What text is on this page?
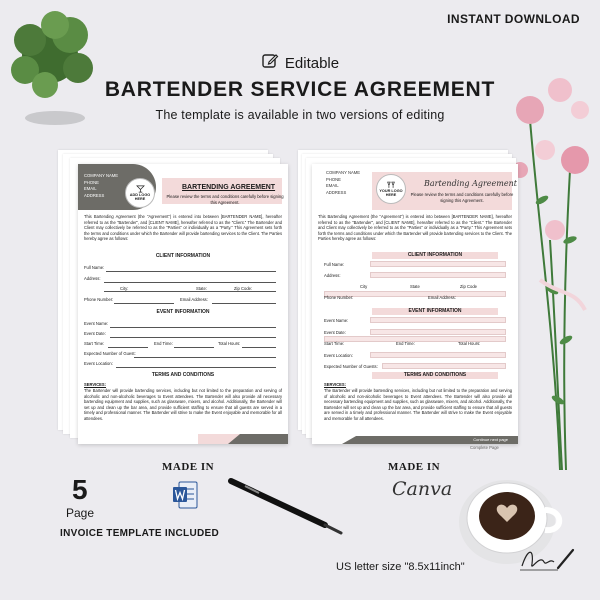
INSTANT DOWNLOAD
Editable
BARTENDER SERVICE AGREEMENT
The template is available in two versions of editing
COMPANY NAME
PHONE
EMAIL
ADDRESS	ADD LOGO
HERE
BARTENDING AGREEMENT
Please review the terms and conditions carefully before signing this Agreement.
This Bartending Agreement (the "Agreement") is entered into between [BARTENDER NAME], hereafter referred to as the "Bartender", and [CLIENT NAME], hereafter referred to as the "Client." The Bartender and Client may collectively be referred to as the "Parties" or individually as a "Party." This Agreement sets forth the terms and conditions under which the Bartender will provide bartending services to the Client. The Parties hereby agree as follows:
CLIENT INFORMATION
Full Name:
Address:
City:	State:	Zip Code:
Phone Number:	Email Address:
EVENT INFORMATION
Event Name:
Event Date:
Start Time:	End Time:	Total Hours:
Expected Number of Guest:
Event Location:
TERMS AND CONDITIONS
SERVICES:
The Bartender will provide bartending services, including but not limited to the preparation and serving of alcoholic and non-alcoholic beverages to Event attendees. The Bartender will also provide all necessary bartending equipment and supplies, such as glassware, mixers, and alcohol. Additionally, the Bartender will set up and clean up the bar area, and provide sufficient staffing to ensure that all guests are served in a timely and professional manner. The Bartender will strive to make the Event enjoyable and memorable for all attendees.
COMPANY NAME
PHONE
EMAIL
ADDRESS	YOUR LOGO
HERE
Bartending Agreement
Please review the terms and conditions carefully before signing this Agreement.
This Bartending Agreement (the "Agreement") is entered into between [BARTENDER NAME], hereafter referred to as the "Bartender", and [CLIENT NAME], hereafter referred to as the "Client." The Bartender and Client may collectively be referred to as the "Parties" or individually as a "Party." This Agreement sets forth the terms and conditions under which the Bartender will provide bartending services to the Client. The Parties hereby agree as follows:
CLIENT INFORMATION
Full Name:
Address:
City	State	Zip Code
Phone Number:	Email Address:
EVENT INFORMATION
Event Name:
Event Date:
Start Time:	End Time:	Total Hours:
Event Location:
Expected Number of Guests:
TERMS AND CONDITIONS
SERVICES:
The Bartender will provide bartending services, including but not limited to the preparation and serving of alcoholic and non-alcoholic beverages to Event attendees. The Bartender will also provide all necessary bartending equipment and supplies, such as glassware, mixers, and alcohol. Additionally, the Bartender will set up and clean up the bar area, and provide sufficient staffing to ensure that all guests are served in a timely and professional manner. The Bartender will strive to make the Event enjoyable and memorable for all attendees.
Continue next page
Complete Page
5
Page
INVOICE TEMPLATE INCLUDED
MADE IN	MADE IN
Canva
US letter size "8.5x11inch"
